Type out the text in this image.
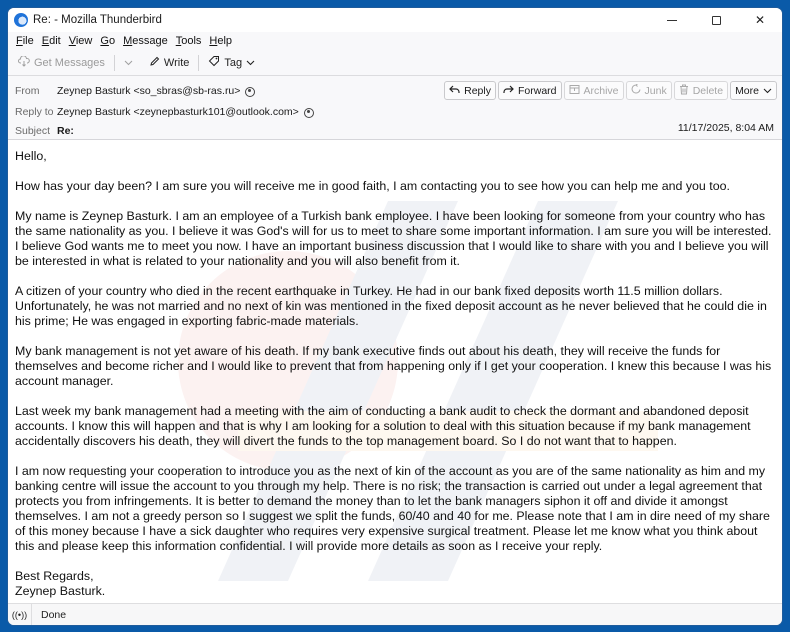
Re: - Mozilla Thunderbird	✕
File Edit View Go Message Tools Help
Get Messages	Write	Tag
From	Zeynep Basturk <so_sbras@sb-ras.ru>
Reply to Zeynep Basturk <zeynepbasturk101@outlook.com>
Subject Re:
Reply	Forward	Archive Junk Delete More
11/17/2025, 8:04 AM

Hello,

How has your day been? I am sure you will receive me in good faith, I am contacting you to see how you can help me and you too.

My name is Zeynep Basturk. I am an employee of a Turkish bank employee. I have been looking for someone from your country who has the same nationality as you. I believe it was God's will for us to meet to share some important information. I am sure you will be interested. I believe God wants me to meet you now. I have an important business discussion that I would like to share with you and I believe you will be interested in what is related to your nationality and you will also benefit from it.

A citizen of your country who died in the recent earthquake in Turkey. He had in our bank fixed deposits worth 11.5 million dollars. Unfortunately, he was not married and no next of kin was mentioned in the fixed deposit account as he never believed that he could die in his prime; He was engaged in exporting fabric-made materials.

My bank management is not yet aware of his death. If my bank executive finds out about his death, they will receive the funds for themselves and become richer and I would like to prevent that from happening only if I get your cooperation. I knew this because I was his account manager.

Last week my bank management had a meeting with the aim of conducting a bank audit to check the dormant and abandoned deposit accounts. I know this will happen and that is why I am looking for a solution to deal with this situation because if my bank management accidentally discovers his death, they will divert the funds to the top management board. So I do not want that to happen.

I am now requesting your cooperation to introduce you as the next of kin of the account as you are of the same nationality as him and my banking centre will issue the account to you through my help. There is no risk; the transaction is carried out under a legal agreement that protects you from infringements. It is better to demand the money than to let the bank managers siphon it off and divide it amongst themselves. I am not a greedy person so I suggest we split the funds, 60/40 and 40 for me. Please note that I am in dire need of my share of this money because I have a sick daughter who requires very expensive surgical treatment. Please let me know what you think about this and please keep this information confidential. I will provide more details as soon as I receive your reply.

Best Regards,

Zeynep Basturk.

((•))	Done
